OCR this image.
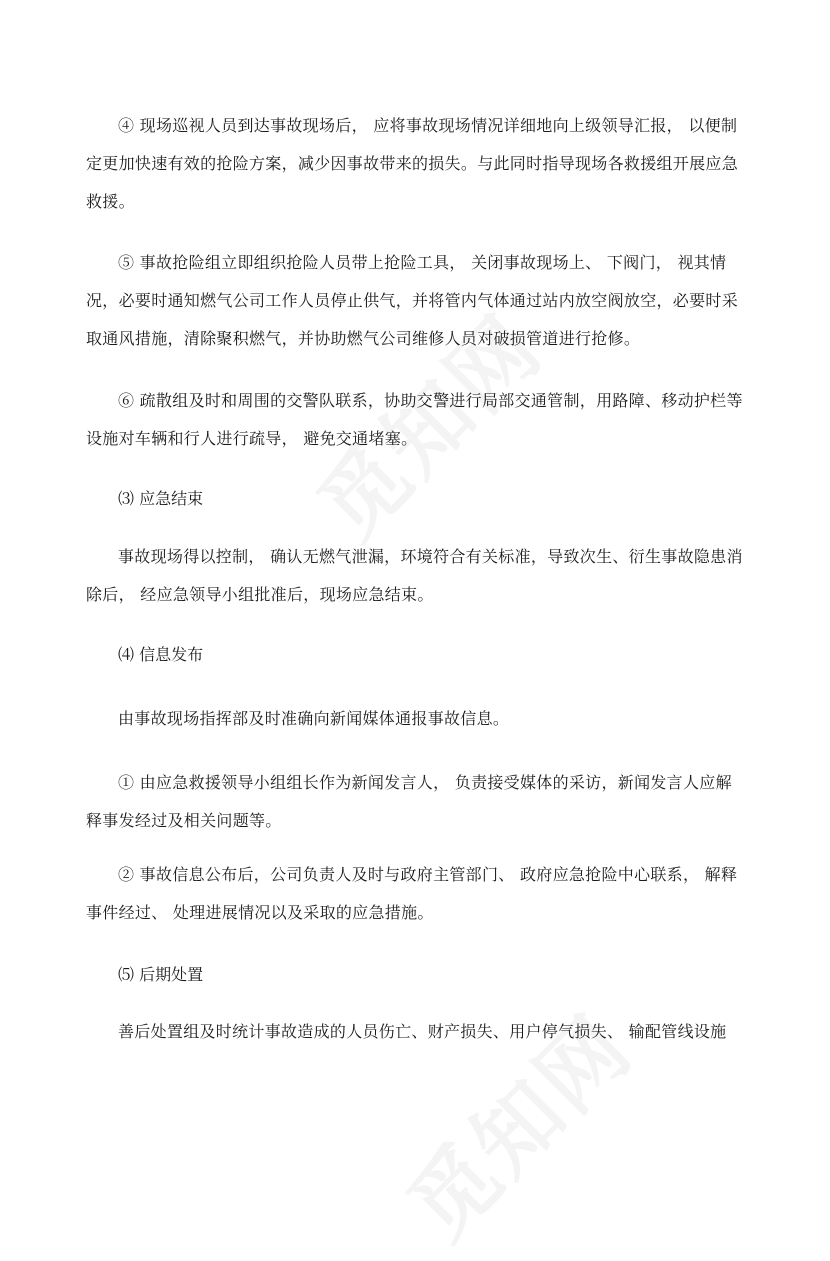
④ 现场巡视人员到达事故现场后， 应将事故现场情况详细地向上级领导汇报， 以便制定更加快速有效的抢险方案，减少因事故带来的损失。与此同时指导现场各救援组开展应急救援。

⑤ 事故抢险组立即组织抢险人员带上抢险工具， 关闭事故现场上、 下阀门， 视其情况，必要时通知燃气公司工作人员停止供气，并将管内气体通过站内放空阀放空，必要时采取通风措施，清除聚积燃气，并协助燃气公司维修人员对破损管道进行抢修。

⑥ 疏散组及时和周围的交警队联系，协助交警进行局部交通管制，用路障、移动护栏等设施对车辆和行人进行疏导， 避免交通堵塞。

⑶ 应急结束

事故现场得以控制， 确认无燃气泄漏，环境符合有关标准，导致次生、衍生事故隐患消除后， 经应急领导小组批准后，现场应急结束。

⑷ 信息发布

由事故现场指挥部及时准确向新闻媒体通报事故信息。

① 由应急救援领导小组组长作为新闻发言人， 负责接受媒体的采访，新闻发言人应解释事发经过及相关问题等。

② 事故信息公布后，公司负责人及时与政府主管部门、 政府应急抢险中心联系， 解释事件经过、 处理进展情况以及采取的应急措施。

⑸ 后期处置

善后处置组及时统计事故造成的人员伤亡、财产损失、用户停气损失、 输配管线设施
